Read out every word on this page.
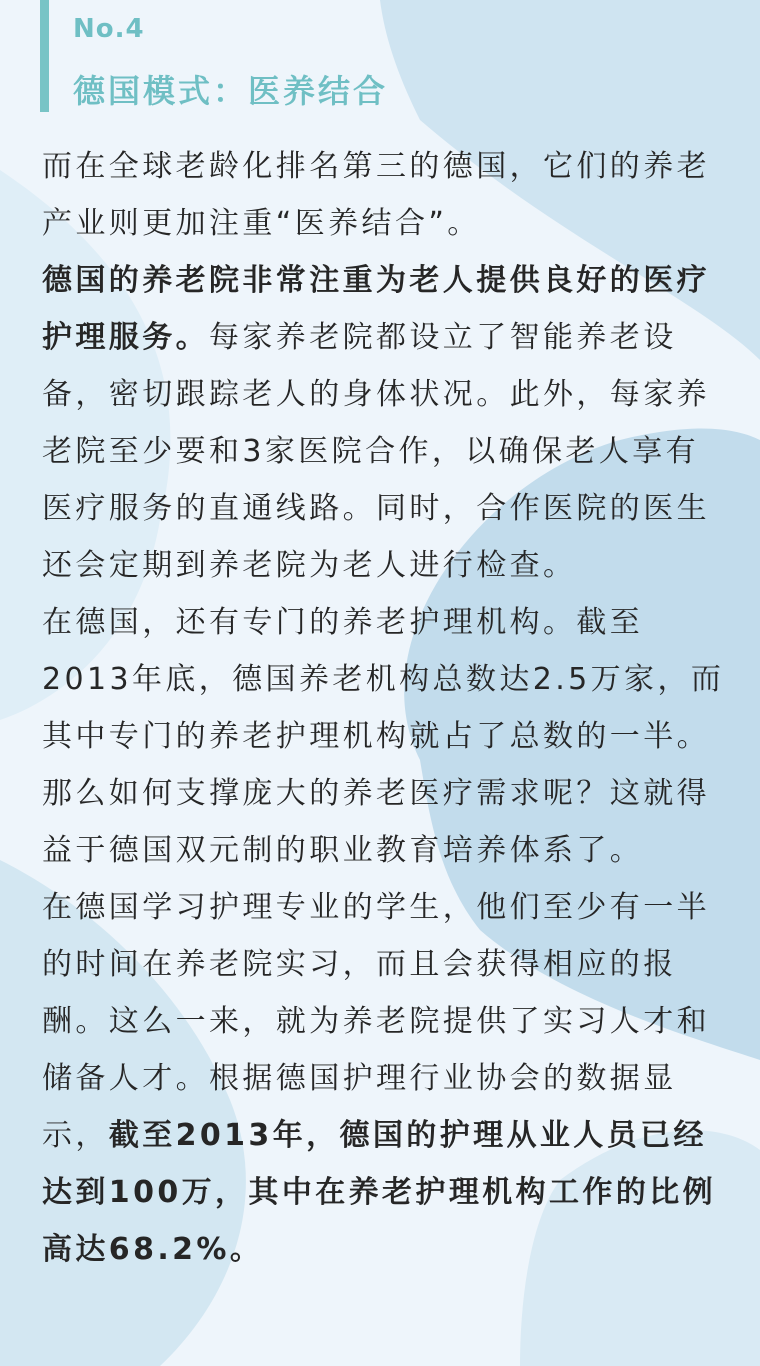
No.4
德国模式：医养结合

而在全球老龄化排名第三的德国，它们的养老产业则更加注重“医养结合”。

德国的养老院非常注重为老人提供良好的医疗护理服务。每家养老院都设立了智能养老设备，密切跟踪老人的身体状况。此外，每家养老院至少要和3家医院合作，以确保老人享有医疗服务的直通线路。同时，合作医院的医生还会定期到养老院为老人进行检查。

在德国，还有专门的养老护理机构。截至2013年底，德国养老机构总数达2.5万家，而其中专门的养老护理机构就占了总数的一半。

那么如何支撑庞大的养老医疗需求呢？这就得益于德国双元制的职业教育培养体系了。

在德国学习护理专业的学生，他们至少有一半的时间在养老院实习，而且会获得相应的报酬。这么一来，就为养老院提供了实习人才和储备人才。根据德国护理行业协会的数据显示，截至2013年，德国的护理从业人员已经达到100万，其中在养老护理机构工作的比例高达68.2%。
